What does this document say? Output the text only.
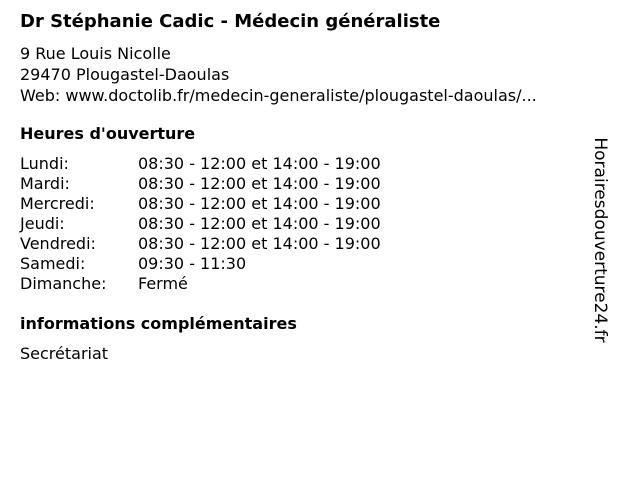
Dr Stéphanie Cadic - Médecin généraliste
9 Rue Louis Nicolle
29470 Plougastel-Daoulas
Web: www.doctolib.fr/medecin-generaliste/plougastel-daoulas/...
Heures d'ouverture
Lundi:	08:30 - 12:00 et 14:00 - 19:00
Mardi:	08:30 - 12:00 et 14:00 - 19:00
Mercredi:	08:30 - 12:00 et 14:00 - 19:00
Jeudi:	08:30 - 12:00 et 14:00 - 19:00
Vendredi:	08:30 - 12:00 et 14:00 - 19:00
Samedi:	09:30 - 11:30
Dimanche:	Fermé
informations complémentaires
Secrétariat
Horairesdouverture24.fr
